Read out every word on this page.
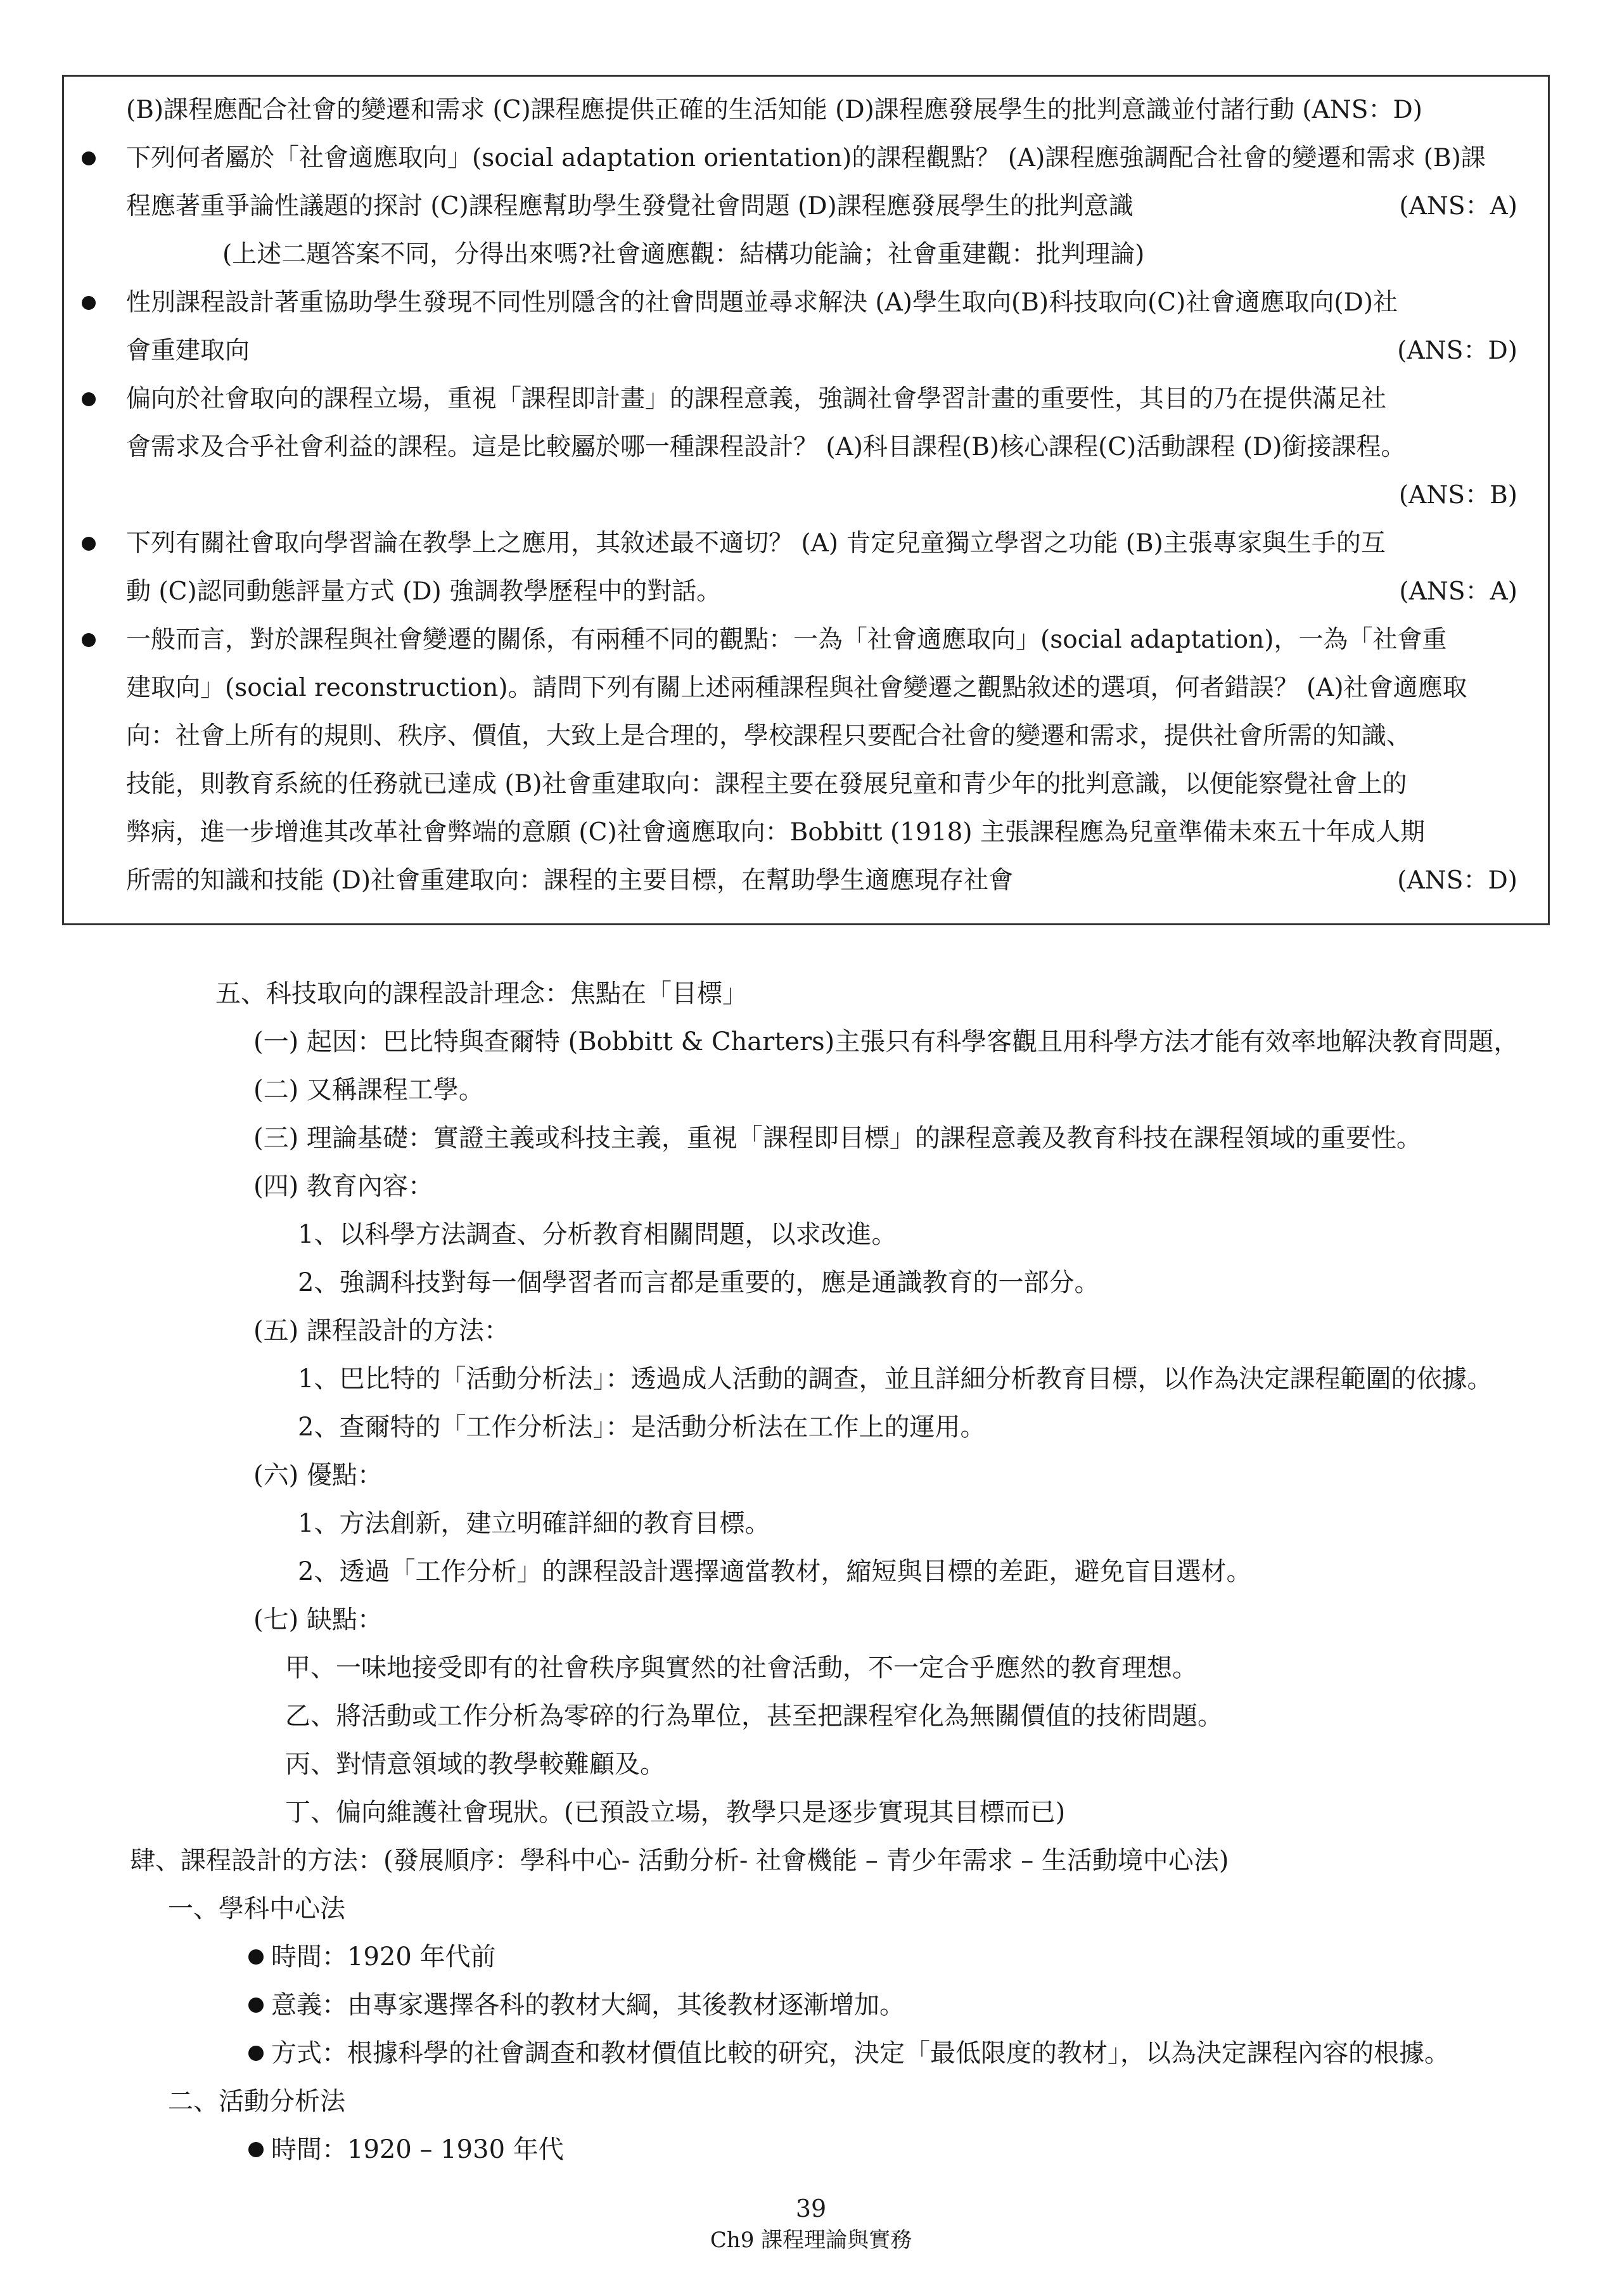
(B)課程應配合社會的變遷和需求 (C)課程應提供正確的生活知能 (D)課程應發展學生的批判意識並付諸行動 (ANS：D)
下列何者屬於「社會適應取向」(social adaptation orientation)的課程觀點？ (A)課程應強調配合社會的變遷和需求 (B)課
程應著重爭論性議題的探討 (C)課程應幫助學生發覺社會問題 (D)課程應發展學生的批判意識	(ANS：A)
(上述二題答案不同，分得出來嗎?社會適應觀：結構功能論；社會重建觀：批判理論)
性別課程設計著重協助學生發現不同性別隱含的社會問題並尋求解決 (A)學生取向(B)科技取向(C)社會適應取向(D)社
會重建取向	(ANS：D)
偏向於社會取向的課程立場，重視「課程即計畫」的課程意義，強調社會學習計畫的重要性，其目的乃在提供滿足社
會需求及合乎社會利益的課程。這是比較屬於哪一種課程設計？ (A)科目課程(B)核心課程(C)活動課程 (D)銜接課程。
(ANS：B)
下列有關社會取向學習論在教學上之應用，其敘述最不適切？ (A) 肯定兒童獨立學習之功能 (B)主張專家與生手的互
動 (C)認同動態評量方式 (D) 強調教學歷程中的對話。	(ANS：A)
一般而言，對於課程與社會變遷的關係，有兩種不同的觀點：一為「社會適應取向」(social adaptation)，一為「社會重
建取向」(social reconstruction)。請問下列有關上述兩種課程與社會變遷之觀點敘述的選項，何者錯誤？ (A)社會適應取
向：社會上所有的規則、秩序、價值，大致上是合理的，學校課程只要配合社會的變遷和需求，提供社會所需的知識、
技能，則教育系統的任務就已達成 (B)社會重建取向：課程主要在發展兒童和青少年的批判意識，以便能察覺社會上的
弊病，進一步增進其改革社會弊端的意願 (C)社會適應取向：Bobbitt (1918) 主張課程應為兒童準備未來五十年成人期
所需的知識和技能 (D)社會重建取向：課程的主要目標，在幫助學生適應現存社會	(ANS：D)
五、科技取向的課程設計理念：焦點在「目標」
(一) 起因：巴比特與查爾特 (Bobbitt & Charters)主張只有科學客觀且用科學方法才能有效率地解決教育問題，
(二) 又稱課程工學。
(三) 理論基礎：實證主義或科技主義，重視「課程即目標」的課程意義及教育科技在課程領域的重要性。
(四) 教育內容：
1、以科學方法調查、分析教育相關問題，以求改進。
2、強調科技對每一個學習者而言都是重要的，應是通識教育的一部分。
(五) 課程設計的方法：
1、巴比特的「活動分析法」：透過成人活動的調查，並且詳細分析教育目標，以作為決定課程範圍的依據。
2、查爾特的「工作分析法」：是活動分析法在工作上的運用。
(六) 優點：
1、方法創新，建立明確詳細的教育目標。
2、透過「工作分析」的課程設計選擇適當教材，縮短與目標的差距，避免盲目選材。
(七) 缺點：
甲、一味地接受即有的社會秩序與實然的社會活動，不一定合乎應然的教育理想。
乙、將活動或工作分析為零碎的行為單位，甚至把課程窄化為無關價值的技術問題。
丙、對情意領域的教學較難顧及。
丁、偏向維護社會現狀。(已預設立場，教學只是逐步實現其目標而已)
肆、課程設計的方法：(發展順序：學科中心- 活動分析- 社會機能 – 青少年需求 – 生活動境中心法)
一、學科中心法
時間：1920 年代前
意義：由專家選擇各科的教材大綱，其後教材逐漸增加。
方式：根據科學的社會調查和教材價值比較的研究，決定「最低限度的教材」，以為決定課程內容的根據。
二、活動分析法
時間：1920 – 1930 年代
39
Ch9 課程理論與實務
